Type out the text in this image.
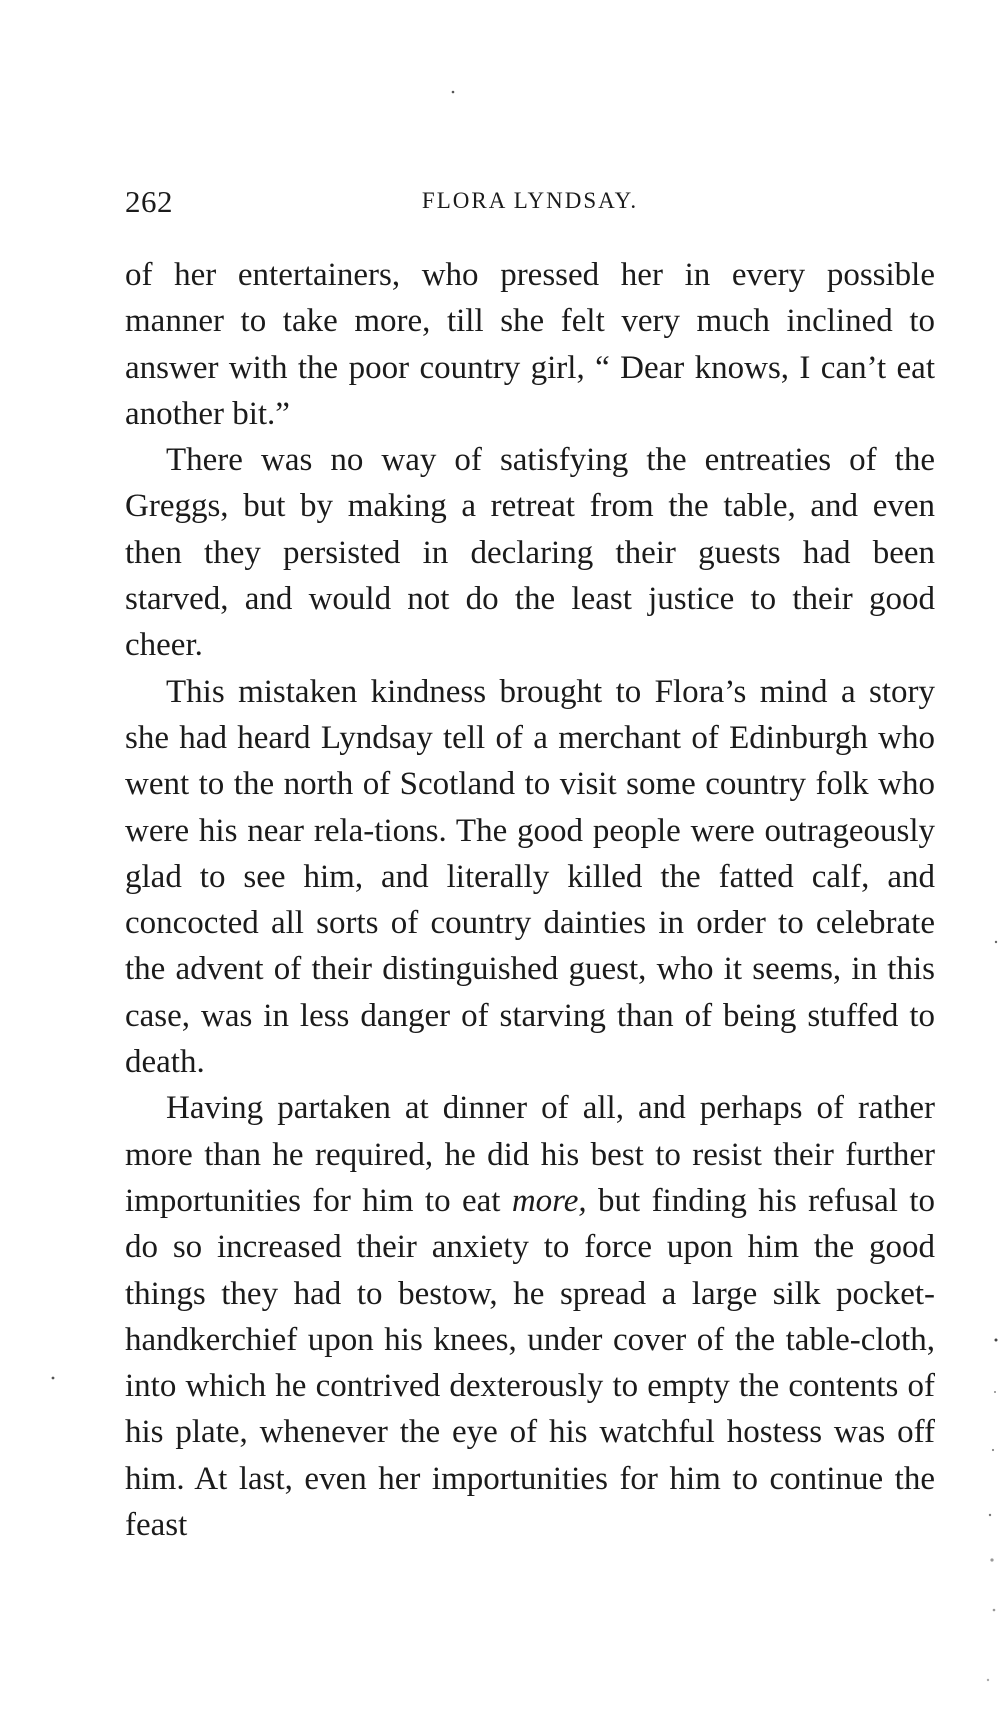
262	FLORA LYNDSAY.

of her entertainers, who pressed her in every possible manner to take more, till she felt very much inclined to answer with the poor country girl, “ Dear knows, I can’t eat another bit.”

There was no way of satisfying the entreaties of the Greggs, but by making a retreat from the table, and even then they persisted in declaring their guests had been starved, and would not do the least justice to their good cheer.

This mistaken kindness brought to Flora’s mind a story she had heard Lyndsay tell of a merchant of Edinburgh who went to the north of Scotland to visit some country folk who were his near rela-tions. The good people were outrageously glad to see him, and literally killed the fatted calf, and concocted all sorts of country dainties in order to celebrate the advent of their distinguished guest, who it seems, in this case, was in less danger of starving than of being stuffed to death.

Having partaken at dinner of all, and perhaps of rather more than he required, he did his best to resist their further importunities for him to eat more, but finding his refusal to do so increased their anxiety to force upon him the good things they had to bestow, he spread a large silk pocket-handkerchief upon his knees, under cover of the table-cloth, into which he contrived dexterously to empty the contents of his plate, whenever the eye of his watchful hostess was off him. At last, even her importunities for him to continue the feast
